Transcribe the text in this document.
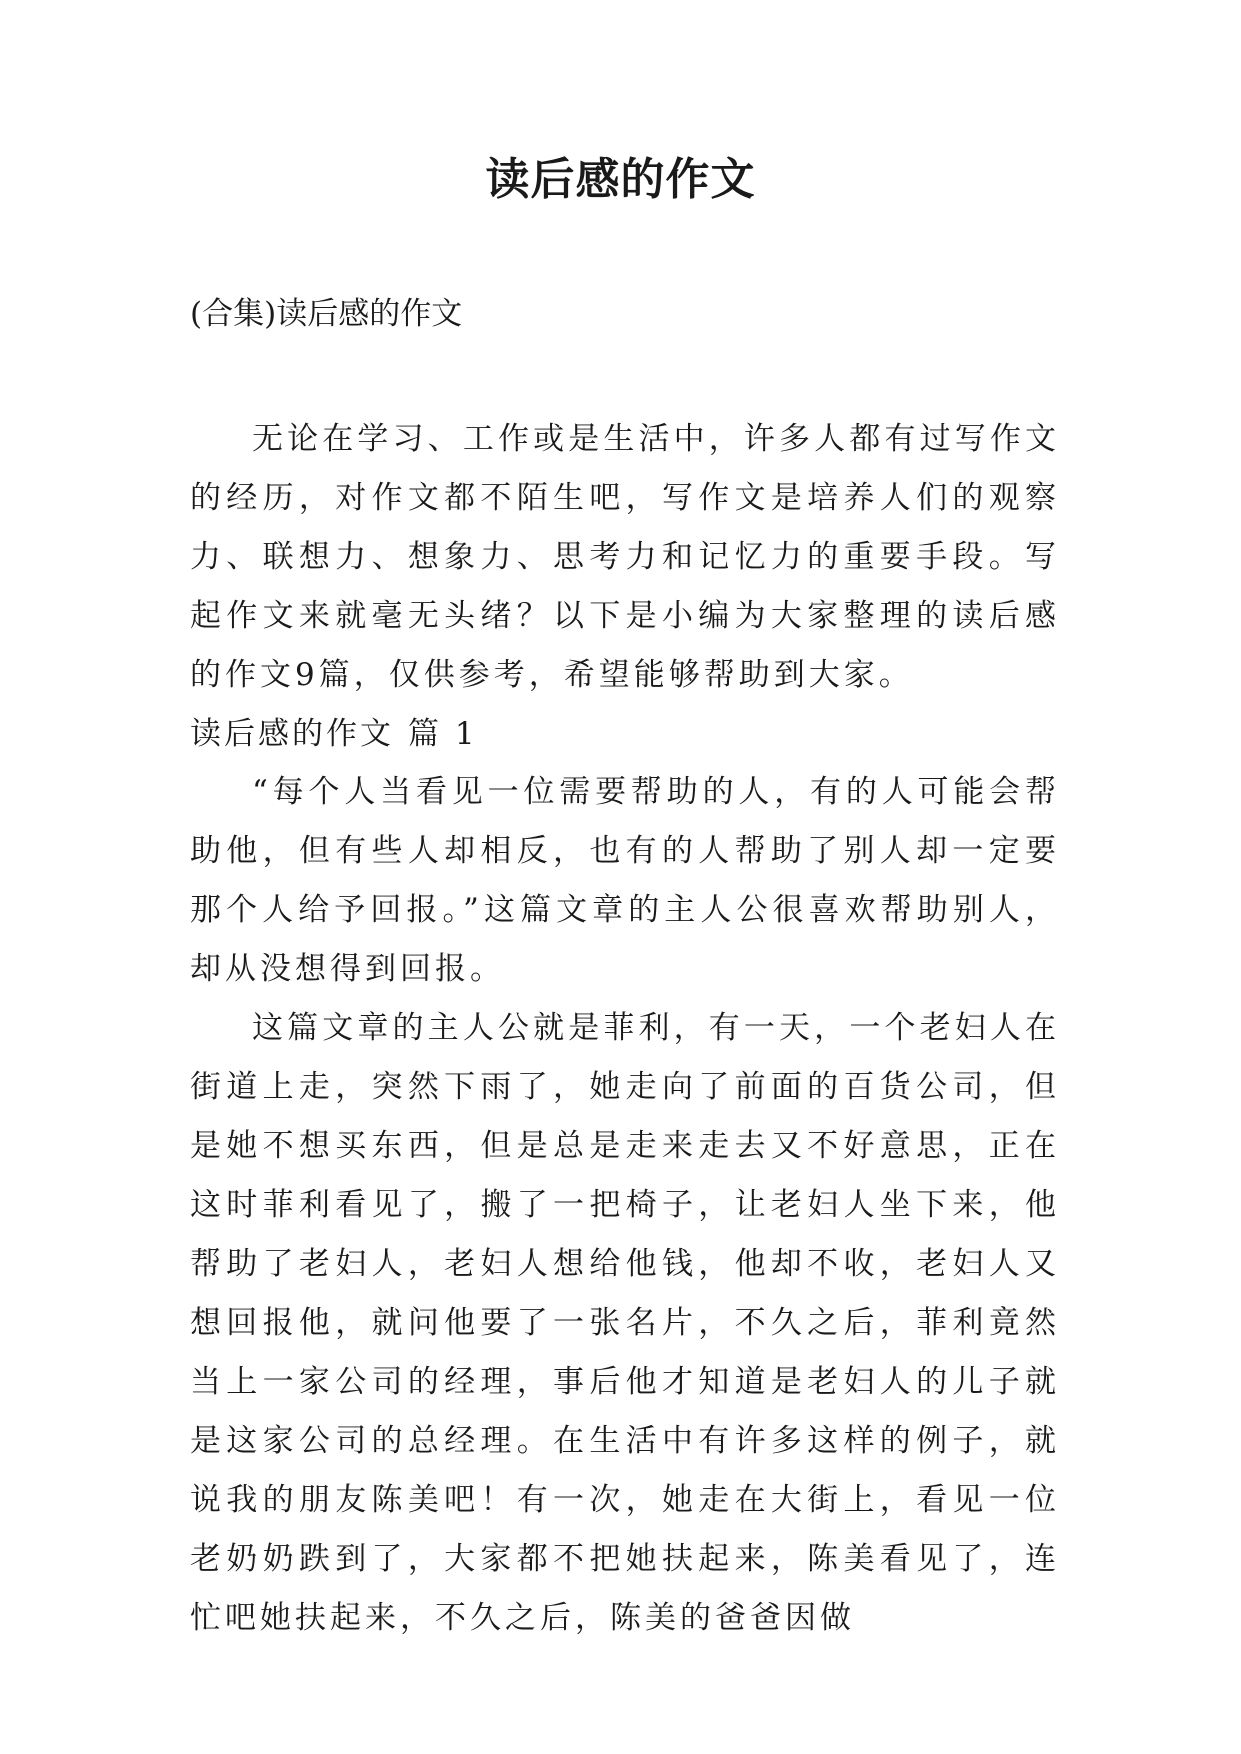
读后感的作文
(合集)读后感的作文

无论在学习、工作或是生活中，许多人都有过写作文的经历，对作文都不陌生吧，写作文是培养人们的观察力、联想力、想象力、思考力和记忆力的重要手段。写起作文来就毫无头绪？以下是小编为大家整理的读后感的作文9篇，仅供参考，希望能够帮助到大家。

读后感的作文 篇 1

“每个人当看见一位需要帮助的人，有的人可能会帮助他，但有些人却相反，也有的人帮助了别人却一定要那个人给予回报。”这篇文章的主人公很喜欢帮助别人，却从没想得到回报。

这篇文章的主人公就是菲利，有一天，一个老妇人在街道上走，突然下雨了，她走向了前面的百货公司，但是她不想买东西，但是总是走来走去又不好意思，正在这时菲利看见了，搬了一把椅子，让老妇人坐下来，他帮助了老妇人，老妇人想给他钱，他却不收，老妇人又想回报他，就问他要了一张名片，不久之后，菲利竟然当上一家公司的经理，事后他才知道是老妇人的儿子就是这家公司的总经理。在生活中有许多这样的例子，就说我的朋友陈美吧！有一次，她走在大街上，看见一位老奶奶跌到了，大家都不把她扶起来，陈美看见了，连忙吧她扶起来，不久之后，陈美的爸爸因做
